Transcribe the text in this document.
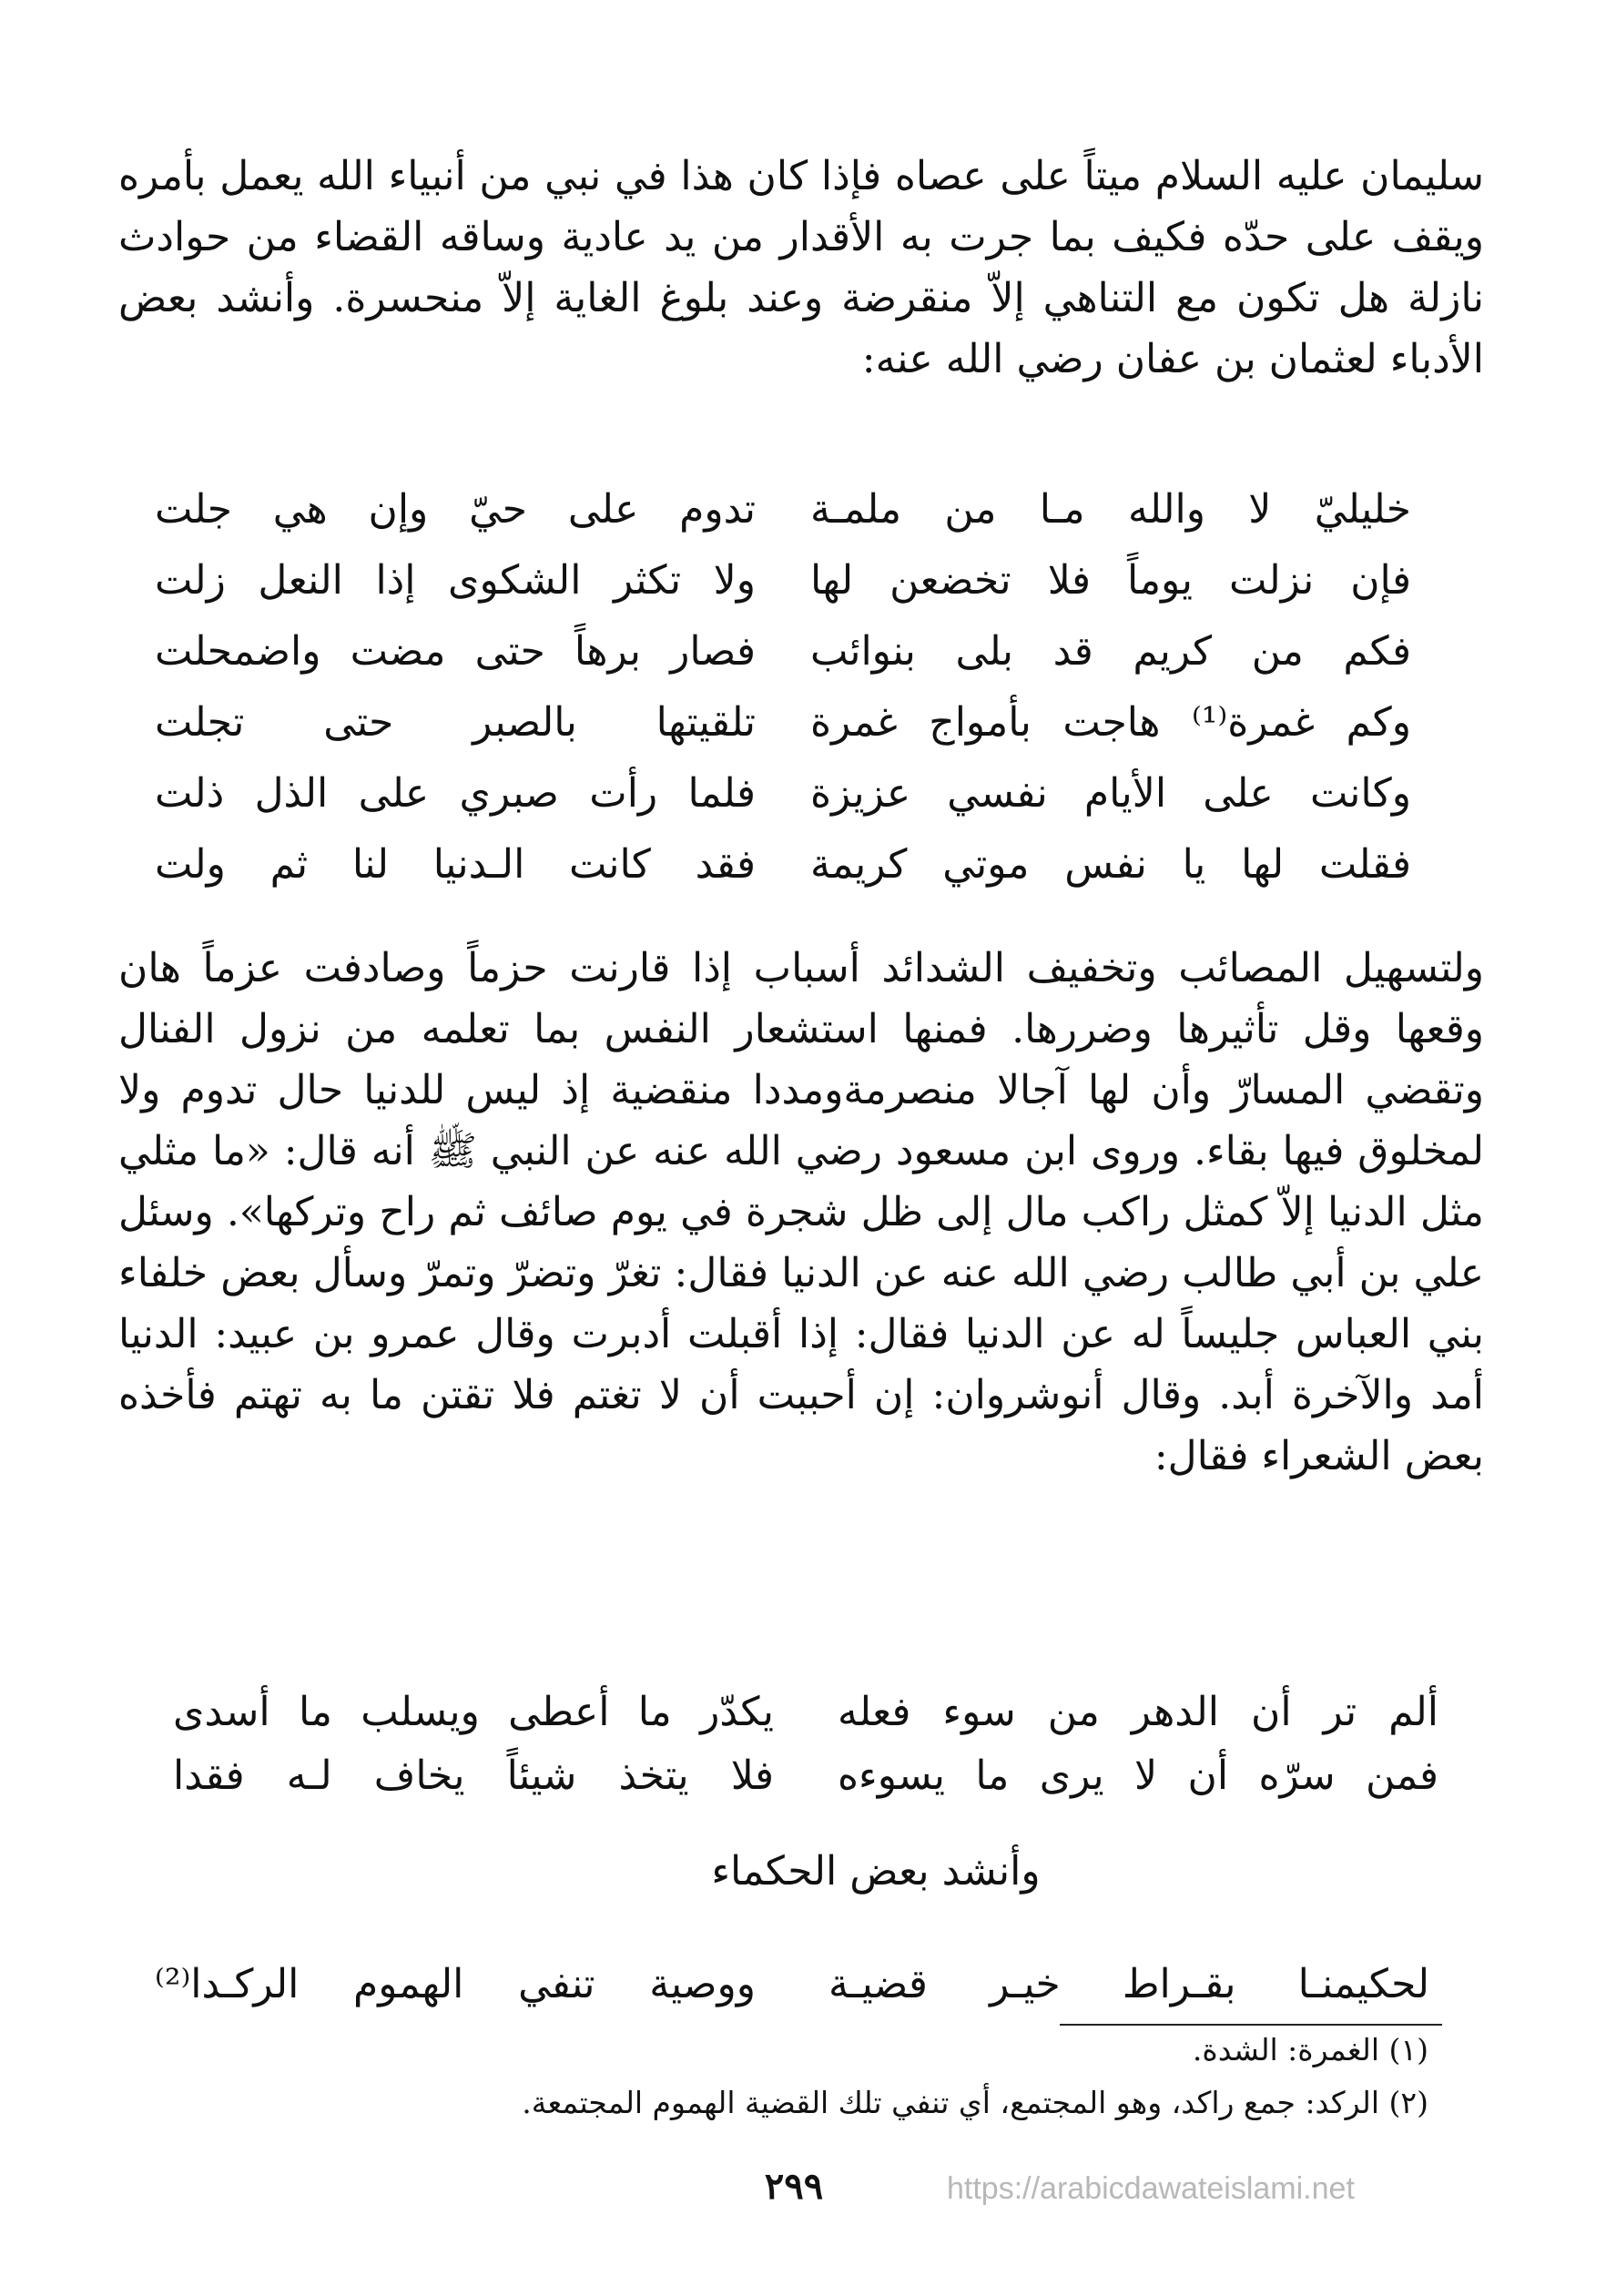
سليمان عليه السلام ميتاً على عصاه فإذا كان هذا في نبي من أنبياء الله يعمل بأمره ويقف على حدّه فكيف بما جرت به الأقدار من يد عادية وساقه القضاء من حوادث نازلة هل تكون مع التناهي إلاّ منقرضة وعند بلوغ الغاية إلاّ منحسرة. وأنشد بعض الأدباء لعثمان بن عفان رضي الله عنه:

خليليّ لا والله مـا من ملمـة
تدوم على حيّ وإن هي جلت
فإن نزلت يوماً فلا تخضعن لها
ولا تكثر الشكوى إذا النعل زلت
فكم من كريم قد بلى بنوائب
فصار برهاً حتى مضت واضمحلت
وكم غمرة⁽¹⁾ هاجت بأمواج غمرة
تلقيتها بالصبر حتى تجلت
وكانت على الأيام نفسي عزيزة
فلما رأت صبري على الذل ذلت
فقلت لها يا نفس موتي كريمة
فقد كانت الـدنيا لنا ثم ولت

ولتسهيل المصائب وتخفيف الشدائد أسباب إذا قارنت حزماً وصادفت عزماً هان وقعها وقل تأثيرها وضررها. فمنها استشعار النفس بما تعلمه من نزول الفنال وتقضي المسارّ وأن لها آجالا منصرمةومددا منقضية إذ ليس للدنيا حال تدوم ولا لمخلوق فيها بقاء. وروى ابن مسعود رضي الله عنه عن النبي ﷺ أنه قال: «ما مثلي مثل الدنيا إلاّ كمثل راكب مال إلى ظل شجرة في يوم صائف ثم راح وتركها». وسئل علي بن أبي طالب رضي الله عنه عن الدنيا فقال: تغرّ وتضرّ وتمرّ وسأل بعض خلفاء بني العباس جليساً له عن الدنيا فقال: إذا أقبلت أدبرت وقال عمرو بن عبيد: الدنيا أمد والآخرة أبد. وقال أنوشروان: إن أحببت أن لا تغتم فلا تقتن ما به تهتم فأخذه بعض الشعراء فقال:

ألم تر أن الدهر من سوء فعله
يكدّر ما أعطى ويسلب ما أسدى
فمن سرّه أن لا يرى ما يسوءه
فلا يتخذ شيئاً يخاف لـه فقدا
وأنشد بعض الحكماء
لحكيمنـا بقـراط خيـر قضيـة
ووصية تنفي الهموم الركـدا⁽²⁾

(١) الغمرة: الشدة.

(٢) الركد: جمع راكد، وهو المجتمع، أي تنفي تلك القضية الهموم المجتمعة.

٢٩٩	https://arabicdawateislami.net
